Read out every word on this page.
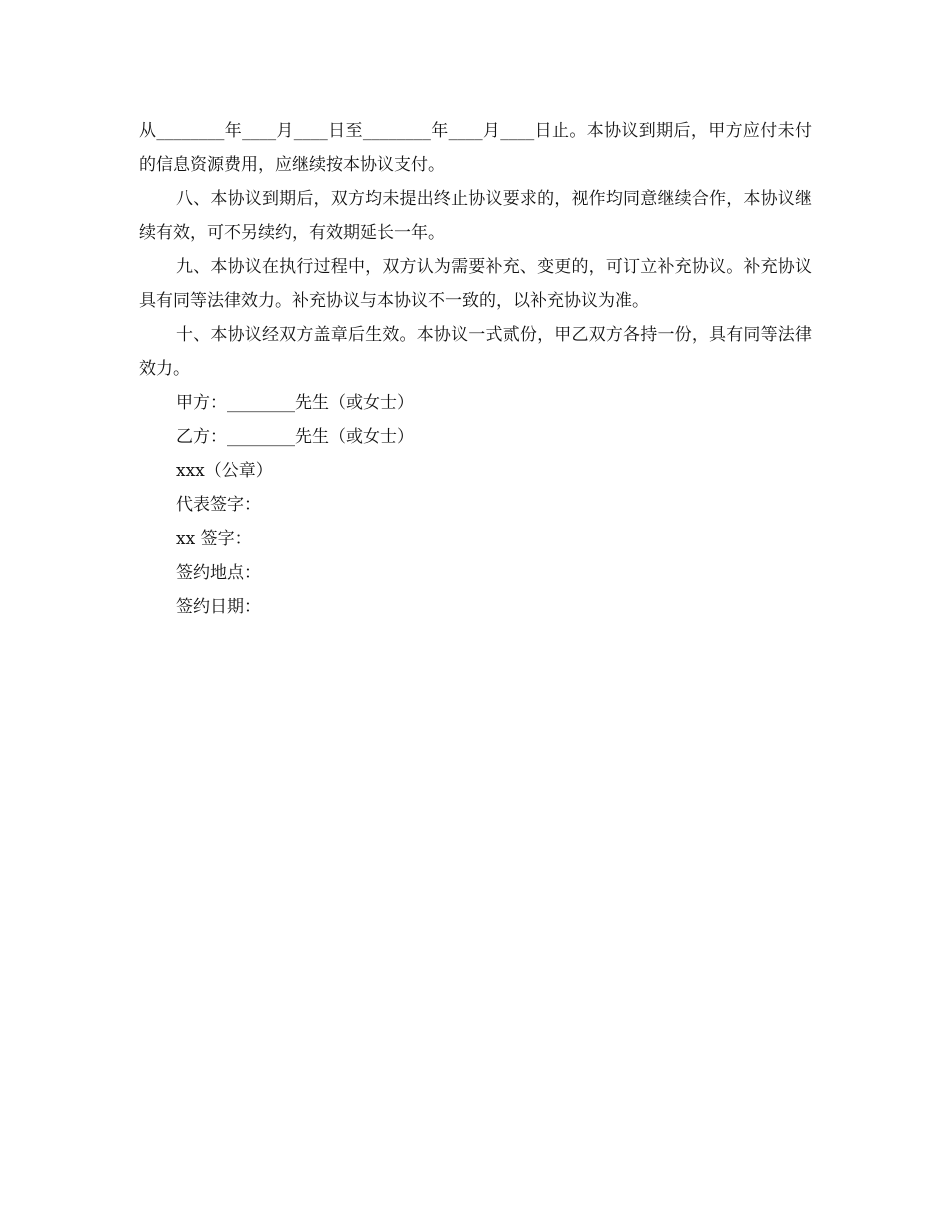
从________年____月____日至________年____月____日止。本协议到期后，甲方应付未付的信息资源费用，应继续按本协议支付。

八、本协议到期后，双方均未提出终止协议要求的，视作均同意继续合作，本协议继续有效，可不另续约，有效期延长一年。

九、本协议在执行过程中，双方认为需要补充、变更的，可订立补充协议。补充协议具有同等法律效力。补充协议与本协议不一致的，以补充协议为准。

十、本协议经双方盖章后生效。本协议一式贰份，甲乙双方各持一份，具有同等法律效力。

甲方：________先生（或女士）

乙方：________先生（或女士）

xxx（公章）

代表签字：

xx 签字：

签约地点：

签约日期：
